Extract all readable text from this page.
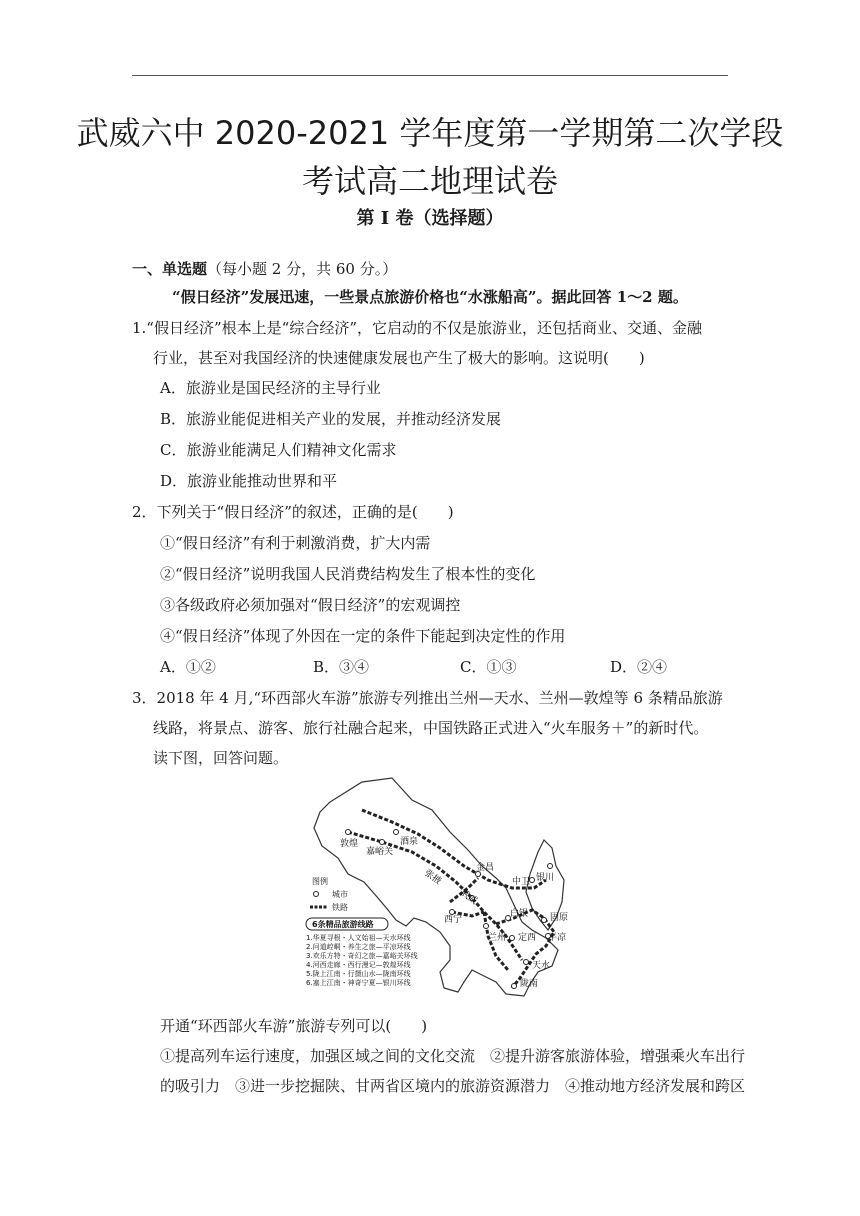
武威六中 2020-2021 学年度第一学期第二次学段
考试高二地理试卷
第 I 卷（选择题）
一、单选题（每小题 2 分，共 60 分。）
“假日经济”发展迅速，一些景点旅游价格也“水涨船高”。据此回答 1～2 题。
1.“假日经济”根本上是“综合经济”，它启动的不仅是旅游业，还包括商业、交通、金融
行业，甚至对我国经济的快速健康发展也产生了极大的影响。这说明(　　)
A．旅游业是国民经济的主导行业
B．旅游业能促进相关产业的发展，并推动经济发展
C．旅游业能满足人们精神文化需求
D．旅游业能推动世界和平
2．下列关于“假日经济”的叙述，正确的是(　　)
①“假日经济”有利于刺激消费，扩大内需
②“假日经济”说明我国人民消费结构发生了根本性的变化
③各级政府必须加强对“假日经济”的宏观调控
④“假日经济”体现了外因在一定的条件下能起到决定性的作用
A．①②	B．③④	C．①③	D．②④
3．2018 年 4 月,“环西部火车游”旅游专列推出兰州—天水、兰州—敦煌等 6 条精品旅游
线路，将景点、游客、旅行社融合起来，中国铁路正式进入“火车服务＋”的新时代。
读下图，回答问题。
敦煌
嘉峪关
酒泉
张掖
金昌
武威
中卫 银川
西宁
白银
兰州 定西
固原
平凉
天水
陇南
图例
城市
铁路
6条精品旅游线路
1.华夏寻根・人文始祖—天水环线
2.问道崆峒・养生之旅—平凉环线
3.欢乐方特・奇幻之旅—嘉峪关环线
4.河西走廊・西行漫记—敦煌环线
5.陇上江南・行摄山水—陇南环线
6.塞上江南・神奇宁夏—银川环线
开通“环西部火车游”旅游专列可以(　　)
①提高列车运行速度，加强区域之间的文化交流　②提升游客旅游体验，增强乘火车出行
的吸引力　③进一步挖掘陕、甘两省区境内的旅游资源潜力　④推动地方经济发展和跨区
